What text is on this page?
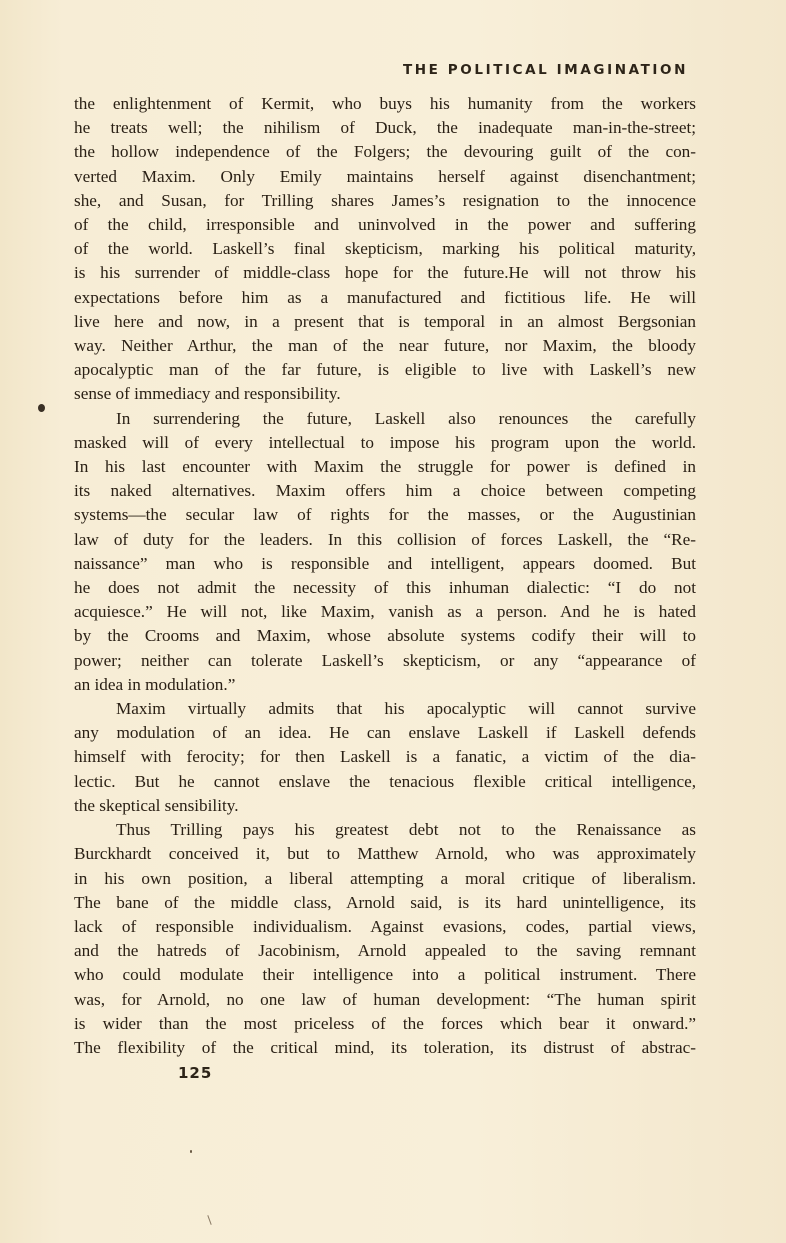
THE POLITICAL IMAGINATION
the enlightenment of Kermit, who buys his humanity from the workers
he treats well; the nihilism of Duck, the inadequate man-in-the-street;
the hollow independence of the Folgers; the devouring guilt of the con-
verted Maxim. Only Emily maintains herself against disenchantment;
she, and Susan, for Trilling shares James’s resignation to the innocence
of the child, irresponsible and uninvolved in the power and suffering
of the world. Laskell’s final skepticism, marking his political maturity,
is his surrender of middle-class hope for the future.He will not throw his
expectations before him as a manufactured and fictitious life. He will
live here and now, in a present that is temporal in an almost Bergsonian
way. Neither Arthur, the man of the near future, nor Maxim, the bloody
apocalyptic man of the far future, is eligible to live with Laskell’s new
sense of immediacy and responsibility.
In surrendering the future, Laskell also renounces the carefully
masked will of every intellectual to impose his program upon the world.
In his last encounter with Maxim the struggle for power is defined in
its naked alternatives. Maxim offers him a choice between competing
systems—the secular law of rights for the masses, or the Augustinian
law of duty for the leaders. In this collision of forces Laskell, the “Re-
naissance” man who is responsible and intelligent, appears doomed. But
he does not admit the necessity of this inhuman dialectic: “I do not
acquiesce.” He will not, like Maxim, vanish as a person. And he is hated
by the Crooms and Maxim, whose absolute systems codify their will to
power; neither can tolerate Laskell’s skepticism, or any “appearance of
an idea in modulation.”
Maxim virtually admits that his apocalyptic will cannot survive
any modulation of an idea. He can enslave Laskell if Laskell defends
himself with ferocity; for then Laskell is a fanatic, a victim of the dia-
lectic. But he cannot enslave the tenacious flexible critical intelligence,
the skeptical sensibility.
Thus Trilling pays his greatest debt not to the Renaissance as
Burckhardt conceived it, but to Matthew Arnold, who was approximately
in his own position, a liberal attempting a moral critique of liberalism.
The bane of the middle class, Arnold said, is its hard unintelligence, its
lack of responsible individualism. Against evasions, codes, partial views,
and the hatreds of Jacobinism, Arnold appealed to the saving remnant
who could modulate their intelligence into a political instrument. There
was, for Arnold, no one law of human development: “The human spirit
is wider than the most priceless of the forces which bear it onward.”
The flexibility of the critical mind, its toleration, its distrust of abstrac-
125
